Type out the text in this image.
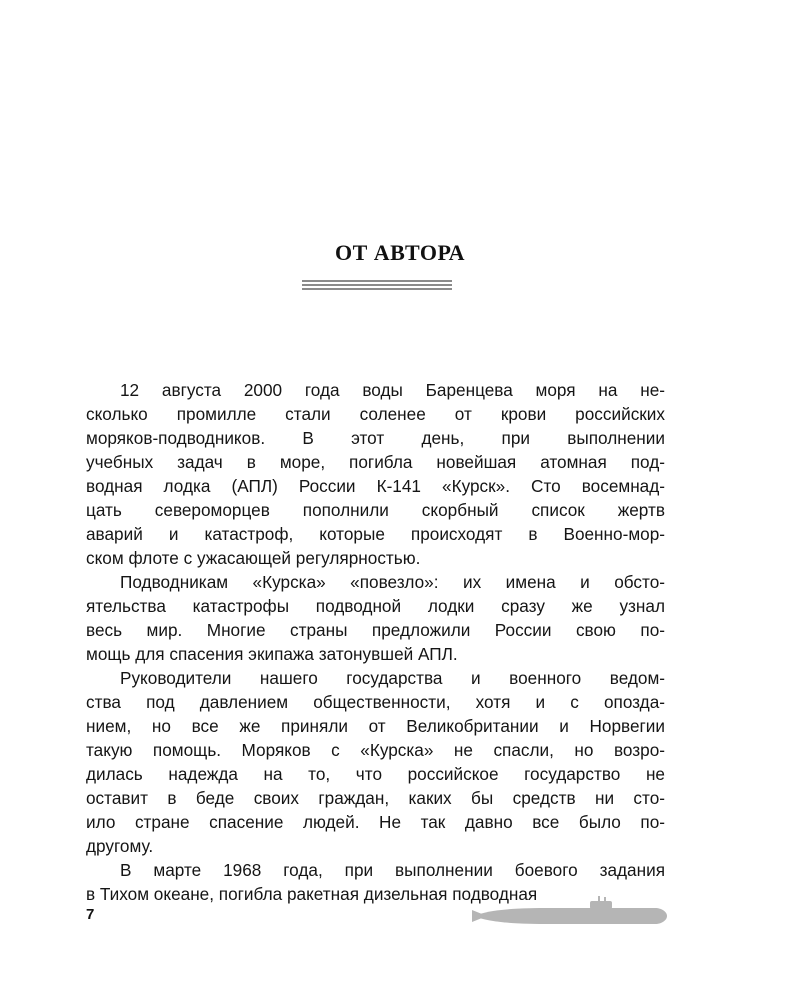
ОТ АВТОРА

12 августа 2000 года воды Баренцева моря на не-

сколько промилле стали соленее от крови российских

моряков-подводников. В этот день, при выполнении

учебных задач в море, погибла новейшая атомная под-

водная лодка (АПЛ) России К-141 «Курск». Сто восемнад-

цать североморцев пополнили скорбный список жертв

аварий и катастроф, которые происходят в Военно-мор-

ском флоте с ужасающей регулярностью.

Подводникам «Курска» «повезло»: их имена и обсто-

ятельства катастрофы подводной лодки сразу же узнал

весь мир. Многие страны предложили России свою по-

мощь для спасения экипажа затонувшей АПЛ.

Руководители нашего государства и военного ведом-

ства под давлением общественности, хотя и с опозда-

нием, но все же приняли от Великобритании и Норвегии

такую помощь. Моряков с «Курска» не спасли, но возро-

дилась надежда на то, что российское государство не

оставит в беде своих граждан, каких бы средств ни сто-

ило стране спасение людей. Не так давно все было по-

другому.

В марте 1968 года, при выполнении боевого задания

в Тихом океане, погибла ракетная дизельная подводная

7
